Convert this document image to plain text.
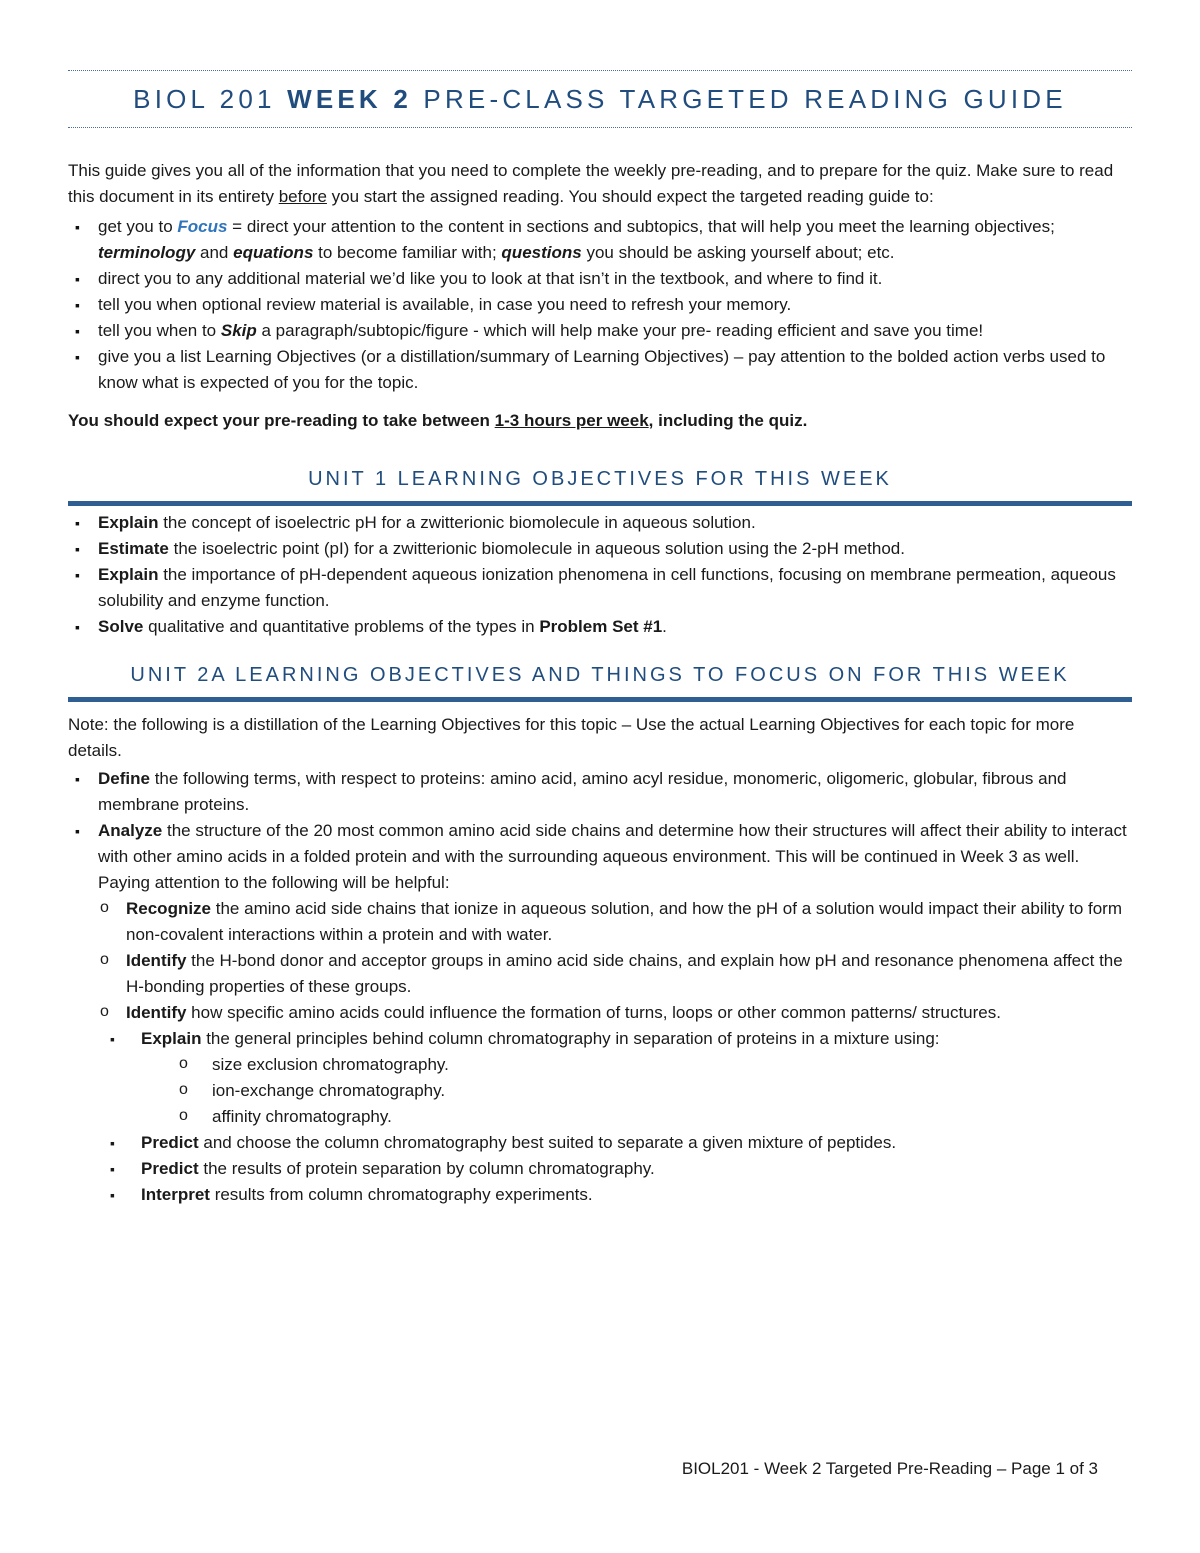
BIOL 201 WEEK 2 PRE-CLASS TARGETED READING GUIDE

This guide gives you all of the information that you need to complete the weekly pre-reading, and to prepare for the quiz. Make sure to read this document in its entirety before you start the assigned reading. You should expect the targeted reading guide to:

▪ get you to Focus = direct your attention to the content in sections and subtopics, that will help you meet the learning objectives; terminology and equations to become familiar with; questions you should be asking yourself about; etc.
▪ direct you to any additional material we’d like you to look at that isn’t in the textbook, and where to find it.
▪ tell you when optional review material is available, in case you need to refresh your memory.
▪ tell you when to Skip a paragraph/subtopic/figure - which will help make your pre- reading efficient and save you time!
▪ give you a list Learning Objectives (or a distillation/summary of Learning Objectives) – pay attention to the bolded action verbs used to know what is expected of you for the topic.

You should expect your pre-reading to take between 1-3 hours per week, including the quiz.

UNIT 1 LEARNING OBJECTIVES FOR THIS WEEK
▪ Explain the concept of isoelectric pH for a zwitterionic biomolecule in aqueous solution.
▪ Estimate the isoelectric point (pI) for a zwitterionic biomolecule in aqueous solution using the 2-pH method.
▪ Explain the importance of pH-dependent aqueous ionization phenomena in cell functions, focusing on membrane permeation, aqueous solubility and enzyme function.
▪ Solve qualitative and quantitative problems of the types in Problem Set #1.
UNIT 2A LEARNING OBJECTIVES AND THINGS TO FOCUS ON FOR THIS WEEK

Note: the following is a distillation of the Learning Objectives for this topic – Use the actual Learning Objectives for each topic for more details.

▪ Define the following terms, with respect to proteins: amino acid, amino acyl residue, monomeric, oligomeric, globular, fibrous and membrane proteins.
▪ Analyze the structure of the 20 most common amino acid side chains and determine how their structures will affect their ability to interact with other amino acids in a folded protein and with the surrounding aqueous environment. This will be continued in Week 3 as well. Paying attention to the following will be helpful:
o Recognize the amino acid side chains that ionize in aqueous solution, and how the pH of a solution would impact their ability to form non-covalent interactions within a protein and with water.
o Identify the H-bond donor and acceptor groups in amino acid side chains, and explain how pH and resonance phenomena affect the H-bonding properties of these groups.
o Identify how specific amino acids could influence the formation of turns, loops or other common patterns/ structures.
▪ Explain the general principles behind column chromatography in separation of proteins in a mixture using:
o size exclusion chromatography.
o ion-exchange chromatography.
o affinity chromatography.
▪ Predict and choose the column chromatography best suited to separate a given mixture of peptides.
▪ Predict the results of protein separation by column chromatography.
▪ Interpret results from column chromatography experiments.
BIOL201 - Week 2 Targeted Pre-Reading – Page 1 of 3
